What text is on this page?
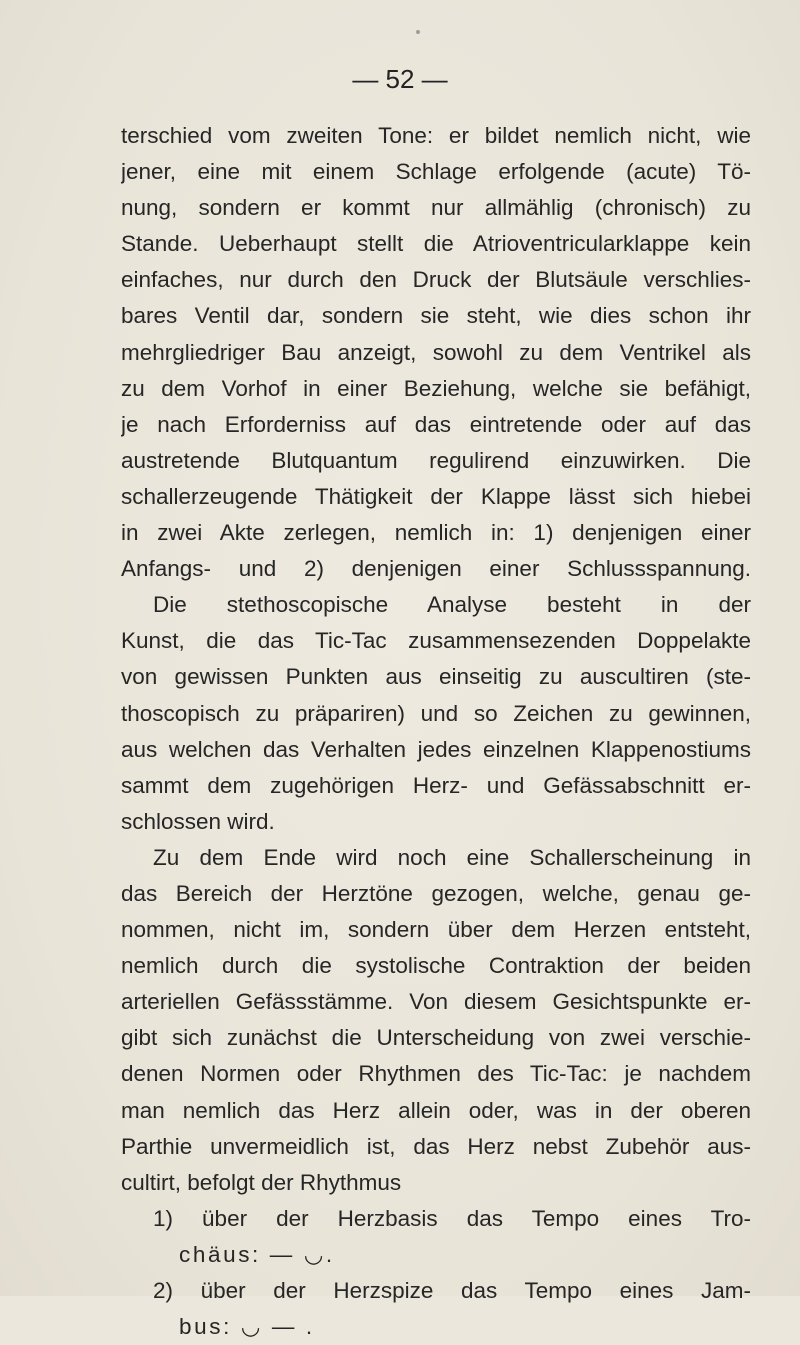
— 52 —
terschied vom zweiten Tone: er bildet nemlich nicht, wie
jener, eine mit einem Schlage erfolgende (acute) Tö-
nung, sondern er kommt nur allmählig (chronisch) zu
Stande. Ueberhaupt stellt die Atrioventricularklappe kein
einfaches, nur durch den Druck der Blutsäule verschlies-
bares Ventil dar, sondern sie steht, wie dies schon ihr
mehrgliedriger Bau anzeigt, sowohl zu dem Ventrikel als
zu dem Vorhof in einer Beziehung, welche sie befähigt,
je nach Erforderniss auf das eintretende oder auf das
austretende Blutquantum regulirend einzuwirken. Die
schallerzeugende Thätigkeit der Klappe lässt sich hiebei
in zwei Akte zerlegen, nemlich in: 1) denjenigen einer
Anfangs- und 2) denjenigen einer Schlussspannung.
Die stethoscopische Analyse besteht in der
Kunst, die das Tic-Tac zusammensezenden Doppelakte
von gewissen Punkten aus einseitig zu auscultiren (ste-
thoscopisch zu präpariren) und so Zeichen zu gewinnen,
aus welchen das Verhalten jedes einzelnen Klappenostiums
sammt dem zugehörigen Herz- und Gefässabschnitt er-
schlossen wird.
Zu dem Ende wird noch eine Schallerscheinung in
das Bereich der Herztöne gezogen, welche, genau ge-
nommen, nicht im, sondern über dem Herzen entsteht,
nemlich durch die systolische Contraktion der beiden
arteriellen Gefässstämme. Von diesem Gesichtspunkte er-
gibt sich zunächst die Unterscheidung von zwei verschie-
denen Normen oder Rhythmen des Tic-Tac: je nachdem
man nemlich das Herz allein oder, was in der oberen
Parthie unvermeidlich ist, das Herz nebst Zubehör aus-
cultirt, befolgt der Rhythmus
1) über der Herzbasis das Tempo eines Tro-
chäus: — ◡.
2) über der Herzspize das Tempo eines Jam-
bus: ◡ — .
